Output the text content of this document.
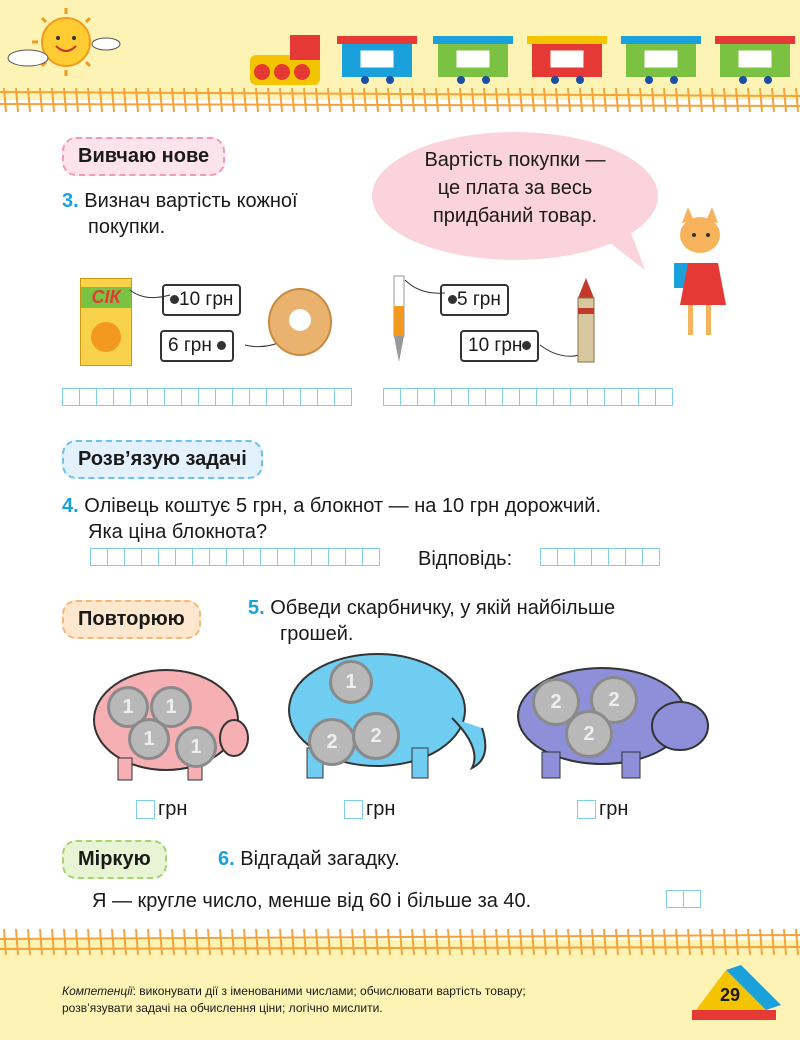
Вивчаю нове	Вартість покупки —
це плата за весь
придбаний товар.
3. Визнач вартість кожної
покупки.
СІК	10 грн
6 грн
5 грн
10 грн
Розв’язую задачі
4. Олівець коштує 5 грн, а блокнот — на 10 грн дорожчий.
Яка ціна блокнота?
Відповідь:
Повторюю	5. Обведи скарбничку, у якій найбільше
грошей.
1	1
1	1
1
2	2
2	2
2
грн	грн	грн
Міркую	6. Відгадай загадку.
Я — кругле число, менше від 60 і більше за 40.
Компетенції: виконувати дії з іменованими числами; обчислювати вартість товару;
розв’язувати задачі на обчислення ціни; логічно мислити.
29
